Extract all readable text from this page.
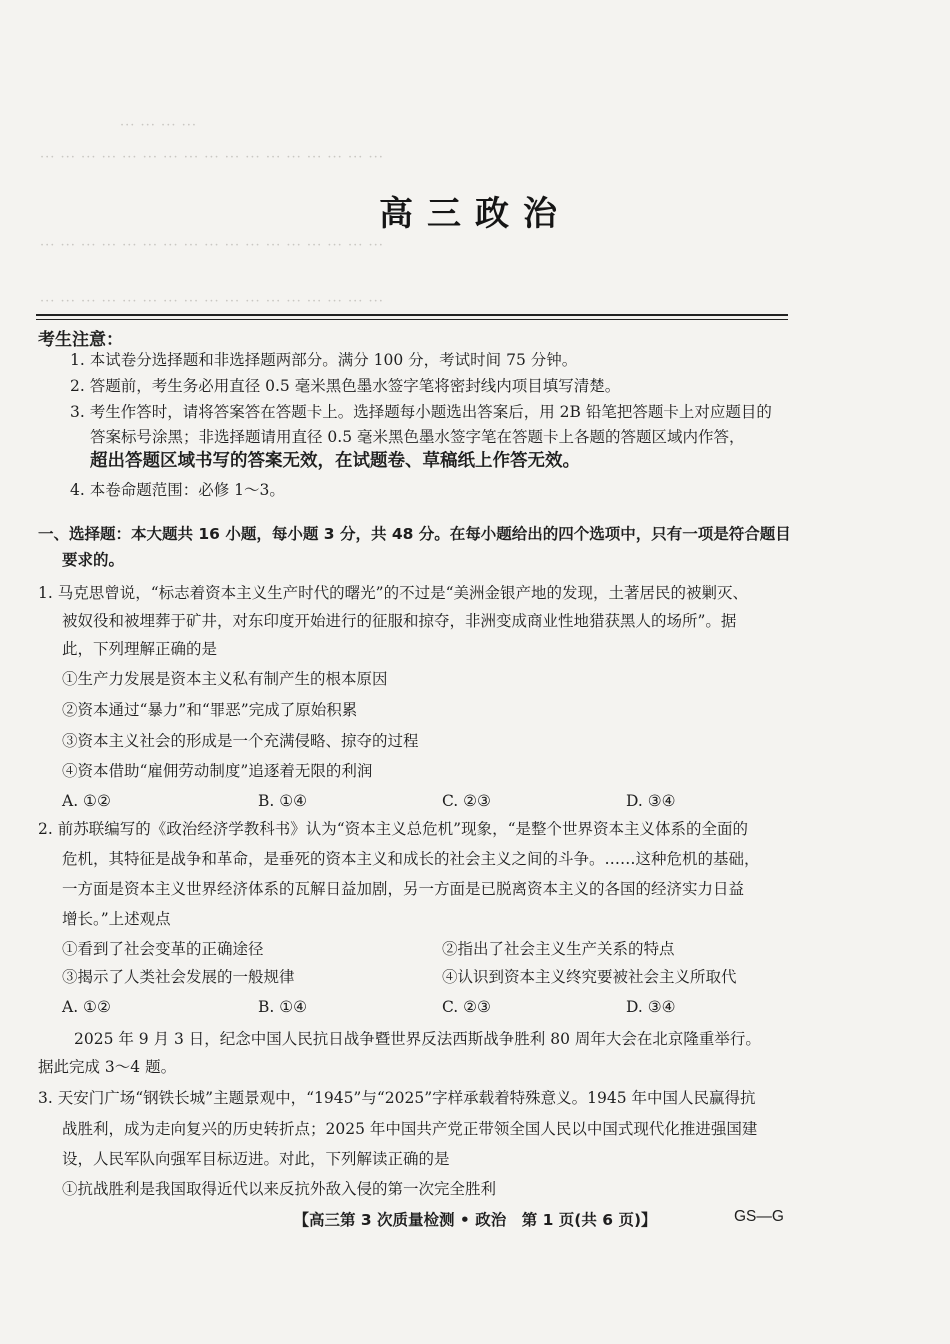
··· ··· ··· ···
··· ··· ··· ··· ··· ··· ··· ··· ··· ··· ··· ··· ··· ··· ··· ··· ···
··· ··· ··· ··· ··· ··· ··· ··· ··· ··· ··· ··· ··· ··· ··· ··· ···
··· ··· ··· ··· ··· ··· ··· ··· ··· ··· ··· ··· ··· ··· ··· ··· ···
高三政治
考生注意：
1. 本试卷分选择题和非选择题两部分。满分 100 分，考试时间 75 分钟。
2. 答题前，考生务必用直径 0.5 毫米黑色墨水签字笔将密封线内项目填写清楚。
3. 考生作答时，请将答案答在答题卡上。选择题每小题选出答案后，用 2B 铅笔把答题卡上对应题目的
答案标号涂黑；非选择题请用直径 0.5 毫米黑色墨水签字笔在答题卡上各题的答题区域内作答，
超出答题区域书写的答案无效，在试题卷、草稿纸上作答无效。
4. 本卷命题范围：必修 1～3。
一、选择题：本大题共 16 小题，每小题 3 分，共 48 分。在每小题给出的四个选项中，只有一项是符合题目
要求的。
1. 马克思曾说，“标志着资本主义生产时代的曙光”的不过是“美洲金银产地的发现，土著居民的被剿灭、
被奴役和被埋葬于矿井，对东印度开始进行的征服和掠夺，非洲变成商业性地猎获黑人的场所”。据
此，下列理解正确的是
①生产力发展是资本主义私有制产生的根本原因
②资本通过“暴力”和“罪恶”完成了原始积累
③资本主义社会的形成是一个充满侵略、掠夺的过程
④资本借助“雇佣劳动制度”追逐着无限的利润
A. ①②	B. ①④	C. ②③	D. ③④
2. 前苏联编写的《政治经济学教科书》认为“资本主义总危机”现象，“是整个世界资本主义体系的全面的
危机，其特征是战争和革命，是垂死的资本主义和成长的社会主义之间的斗争。……这种危机的基础，
一方面是资本主义世界经济体系的瓦解日益加剧，另一方面是已脱离资本主义的各国的经济实力日益
增长。”上述观点
①看到了社会变革的正确途径	②指出了社会主义生产关系的特点
③揭示了人类社会发展的一般规律	④认识到资本主义终究要被社会主义所取代
A. ①②	B. ①④	C. ②③	D. ③④
2025 年 9 月 3 日，纪念中国人民抗日战争暨世界反法西斯战争胜利 80 周年大会在北京隆重举行。
据此完成 3～4 题。
3. 天安门广场“钢铁长城”主题景观中，“1945”与“2025”字样承载着特殊意义。1945 年中国人民赢得抗
战胜利，成为走向复兴的历史转折点；2025 年中国共产党正带领全国人民以中国式现代化推进强国建
设，人民军队向强军目标迈进。对此，下列解读正确的是
①抗战胜利是我国取得近代以来反抗外敌入侵的第一次完全胜利
【高三第 3 次质量检测 • 政治　第 1 页(共 6 页)】	GS—G
